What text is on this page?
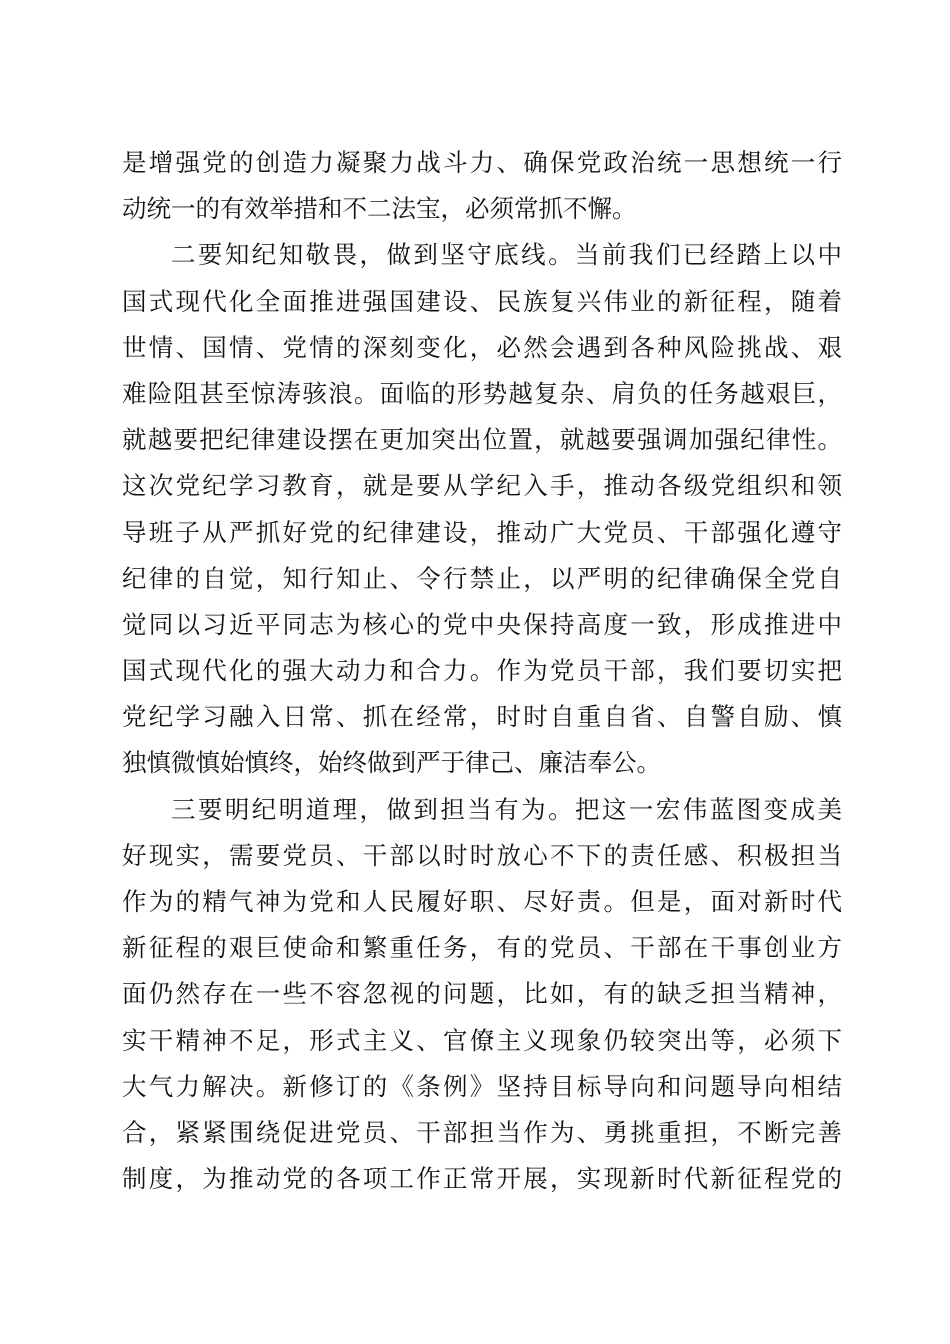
是增强党的创造力凝聚力战斗力、确保党政治统一思想统一行
动统一的有效举措和不二法宝，必须常抓不懈。
二要知纪知敬畏，做到坚守底线。当前我们已经踏上以中
国式现代化全面推进强国建设、民族复兴伟业的新征程，随着
世情、国情、党情的深刻变化，必然会遇到各种风险挑战、艰
难险阻甚至惊涛骇浪。面临的形势越复杂、肩负的任务越艰巨，
就越要把纪律建设摆在更加突出位置，就越要强调加强纪律性。
这次党纪学习教育，就是要从学纪入手，推动各级党组织和领
导班子从严抓好党的纪律建设，推动广大党员、干部强化遵守
纪律的自觉，知行知止、令行禁止，以严明的纪律确保全党自
觉同以习近平同志为核心的党中央保持高度一致，形成推进中
国式现代化的强大动力和合力。作为党员干部，我们要切实把
党纪学习融入日常、抓在经常，时时自重自省、自警自励、慎
独慎微慎始慎终，始终做到严于律己、廉洁奉公。
三要明纪明道理，做到担当有为。把这一宏伟蓝图变成美
好现实，需要党员、干部以时时放心不下的责任感、积极担当
作为的精气神为党和人民履好职、尽好责。但是，面对新时代
新征程的艰巨使命和繁重任务，有的党员、干部在干事创业方
面仍然存在一些不容忽视的问题，比如，有的缺乏担当精神，
实干精神不足，形式主义、官僚主义现象仍较突出等，必须下
大气力解决。新修订的《条例》坚持目标导向和问题导向相结
合，紧紧围绕促进党员、干部担当作为、勇挑重担，不断完善
制度，为推动党的各项工作正常开展，实现新时代新征程党的
